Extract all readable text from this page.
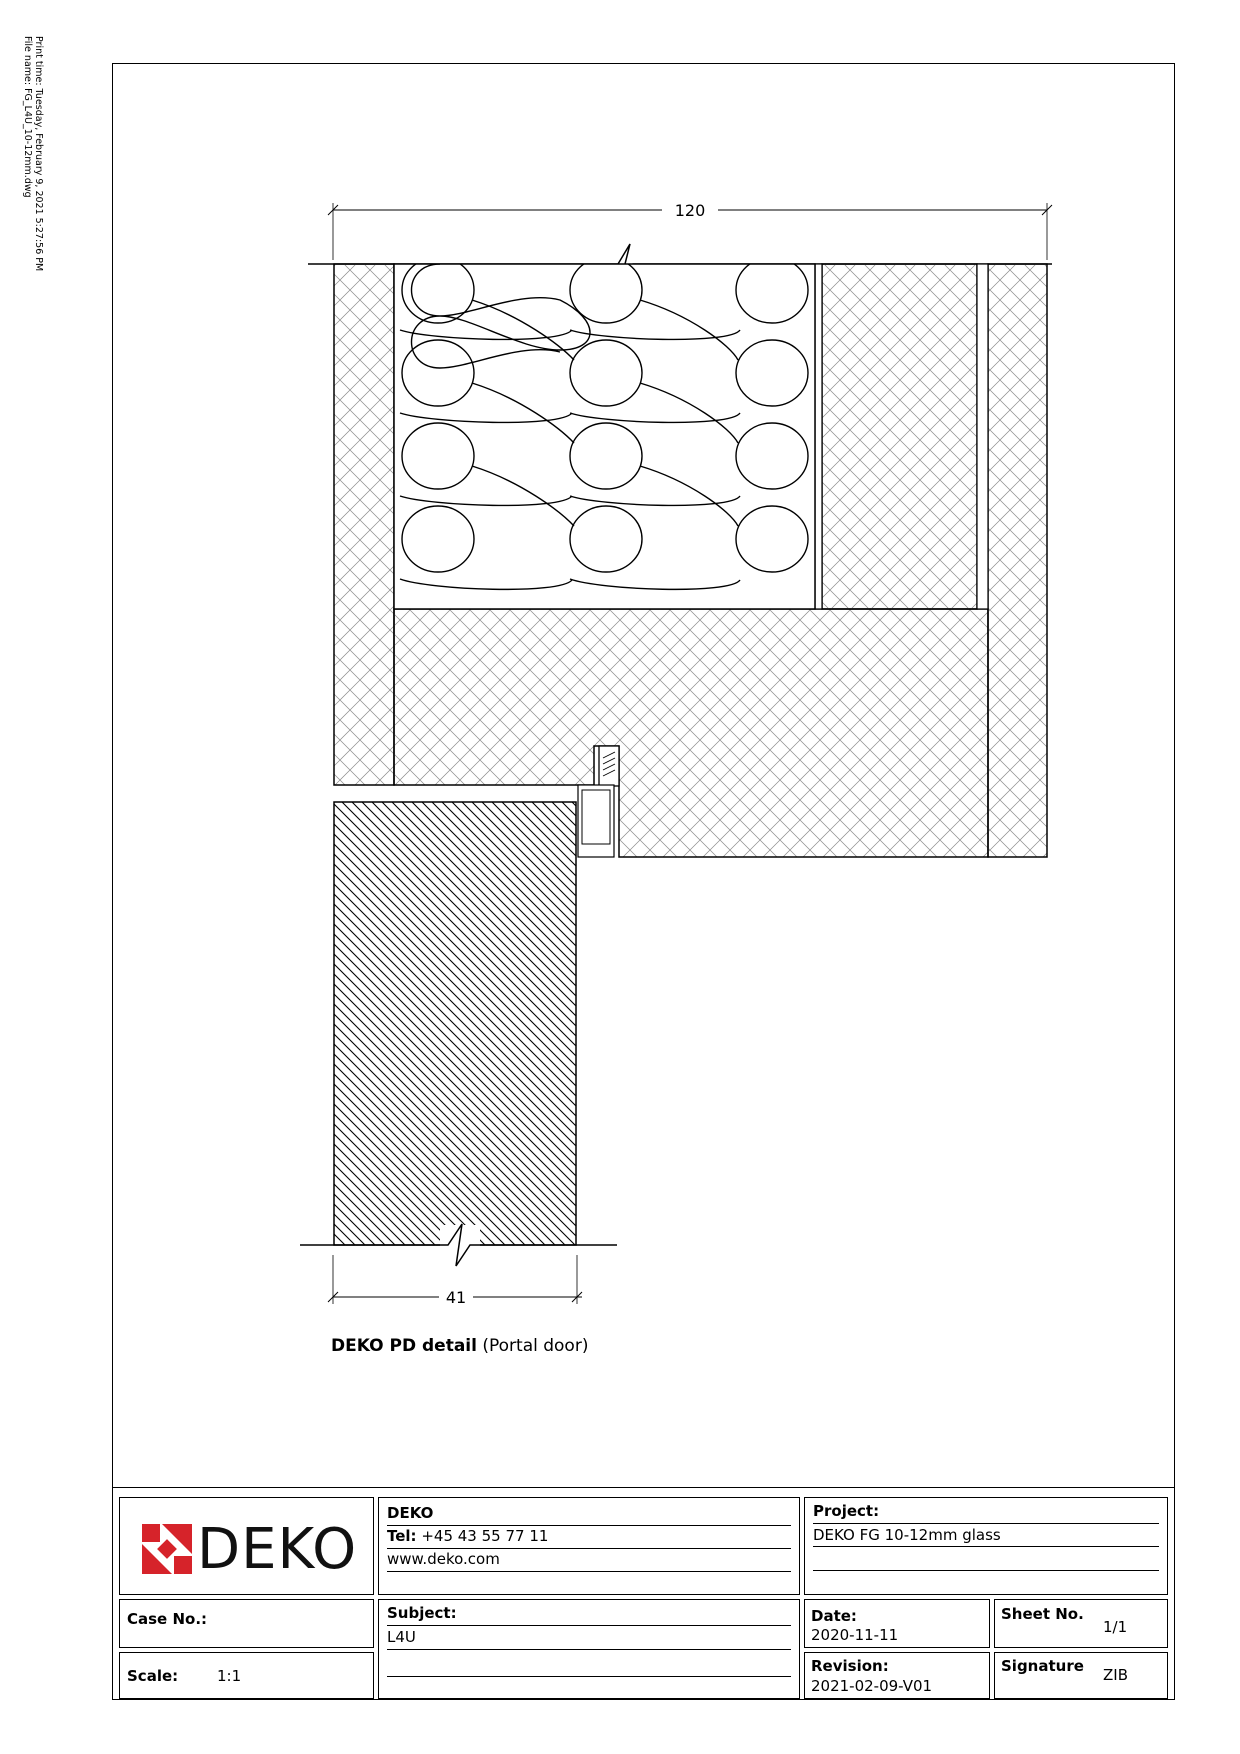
Print time: Tuesday, February 9, 2021 5:27:56 PM
File name: FG_L4U_10-12mm.dwg
120
41
DEKO PD detail (Portal door)
DEKO
DEKO
Tel: +45 43 55 77 11
www.deko.com
Project:
DEKO FG 10-12mm glass
Case No.:	Subject:
L4U
Date:
2020-11-11
Sheet No.
1/1
Scale:	1:1
Revision:
2021-02-09-V01
Signature ZIB
